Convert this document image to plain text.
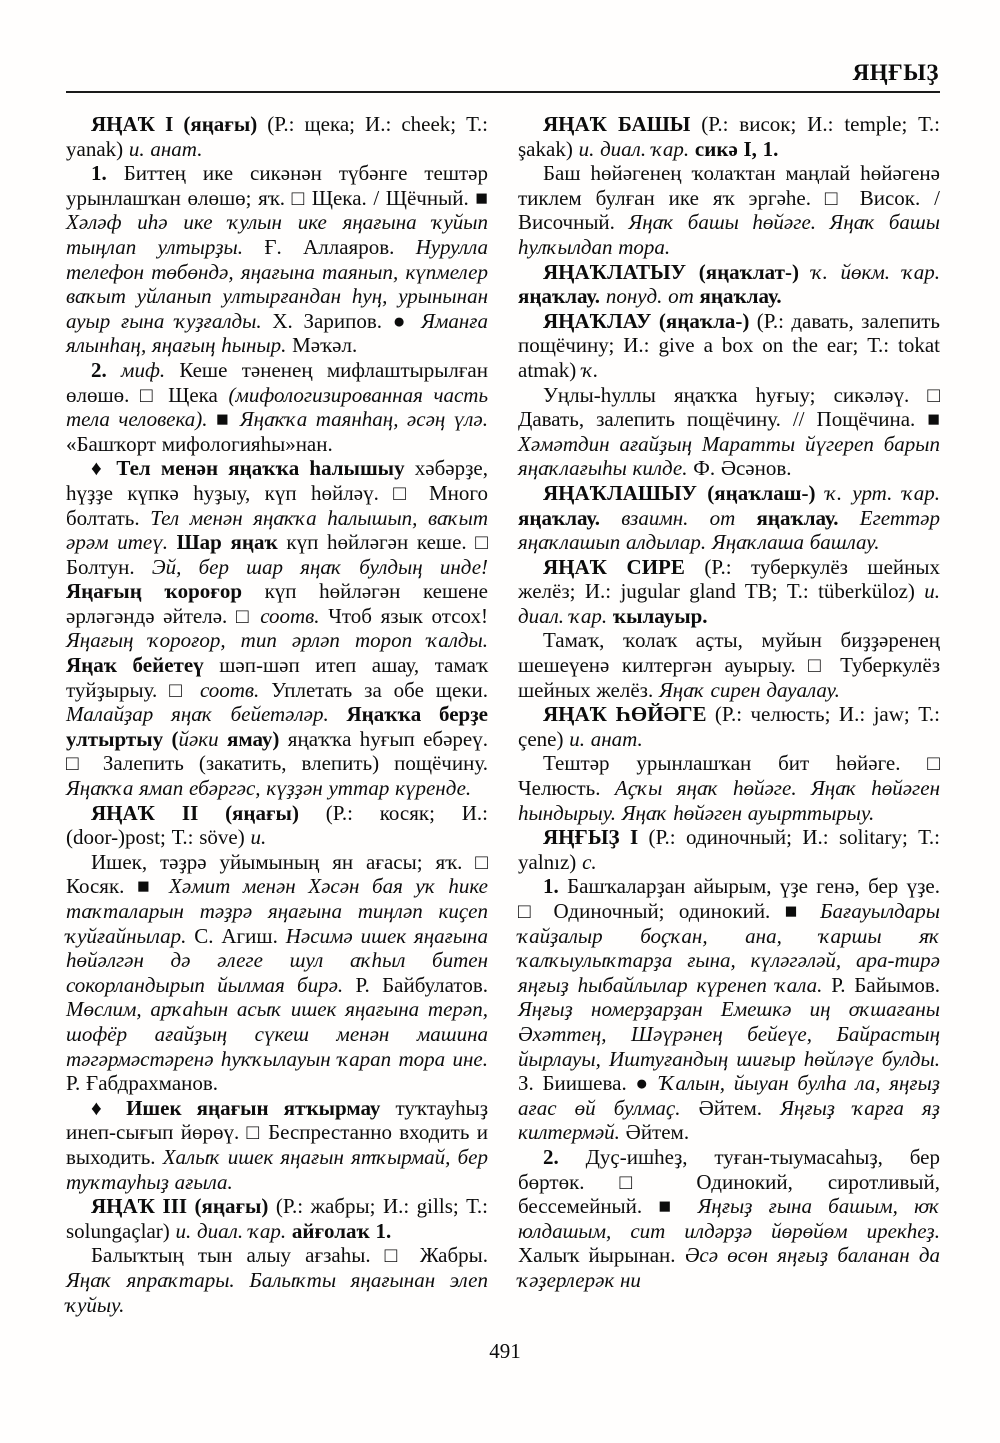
ЯҢҒЫҘ

ЯҢАҠ I (яңағы) (Р.: щека; И.: cheek; Т.: yanak) и. анат.

1. Биттең ике сикәнән түбәнге тештәр урынлашҡан өлөшө; яҡ. □ Щека. / Щёчный. ■ Хәләф иһә ике ҡулын ике яңағына ҡуйып тыңлап ултырҙы. Ғ. Аллаяров. Нурулла телефон төбөндә, яңағына таянып, күпмелер ваҡыт уйланып ултырғандан һуң, урынынан ауыр ғына ҡуҙғалды. Х. Зарипов. ● Яманға ялынһаң, яңағың һыныр. Мәҡәл.

2. миф. Кеше тәненең мифлаштырылған өлөшө. □ Щека (мифологизированная часть тела человека). ■ Яңаҡҡа таянһаң, әсәң үлә. «Башҡорт мифологияһы»нан.

♦ Тел менән яңаҡҡа һалышыу хәбәрҙе, һүҙҙе күпкә һуҙыу, күп һөйләү. □ Много болтать. Тел менән яңаҡҡа һалышып, ваҡыт әрәм итеү. Шар яңаҡ күп һөйләгән кеше. □ Болтун. Эй, бер шар яңаҡ булдың инде! Яңағың ҡороғор күп һөйләгән кешене әрләгәндә әйтелә. □ соотв. Чтоб язык отсох! Яңағың ҡороғор, тип әрләп тороп ҡалды. Яңаҡ бейетеү шәп-шәп итеп ашау, тамаҡ туйҙырыу. □ соотв. Уплетать за обе щеки. Малайҙар яңаҡ бейетәләр. Яңаҡҡа берҙе ултыртыу (йәки ямау) яңаҡҡа һуғып ебәреү. □ Залепить (закатить, влепить) пощёчину. Яңаҡҡа ямап ебәргәс, күҙҙән уттар күренде.

ЯҢАҠ II (яңағы) (Р.: косяк; И.: (door-)post; Т.: söve) и.

Ишек, тәҙрә уйымының ян ағасы; яҡ. □ Косяк. ■ Хәмит менән Хәсән бая уҡ һике таҡталарын тәҙрә яңағына тиңләп киҫеп ҡуйғайнылар. С. Агиш. Нәсимә ишек яңағына һөйәлгән дә әлеге шул аҡһыл битен сокорландырып йылмая бирә. Р. Байбулатов. Мөслим, арҡаһын асыҡ ишек яңағына терәп, шофёр ағайҙың сүкеш менән машина тәгәрмәстәренә һуҡҡылауын ҡарап тора ине. Р. Ғабдрахманов.

♦ Ишек яңағын ятҡырмау туҡтауһыҙ инеп-сығып йөрөү. □ Беспрестанно входить и выходить. Халыҡ ишек яңағын ятҡырмай, бер туҡтауһыҙ ағыла.

ЯҢАҠ III (яңағы) (Р.: жабры; И.: gills; Т.: solungaçlar) и. диал. ҡар. айғолаҡ 1.

Балыҡтың тын алыу ағзаһы. □ Жабры. Яңаҡ япраҡтары. Балыҡты яңағынан элеп ҡуйыу.

ЯҢАҠ БАШЫ (Р.: висок; И.: temple; Т.: şakak) и. диал. ҡар. сикә I, 1.

Баш һөйәгенең ҡолаҡтан маңлай һөйәгенә тиклем булған ике яҡ эргәһе. □ Висок. / Височный. Яңаҡ башы һөйәге. Яңаҡ башы һулҡылдап тора.

ЯҢАҠЛАТЫУ (яңаҡлат-) ҡ. йөкм. ҡар. яңаҡлау. понуд. от яңаҡлау.

ЯҢАҠЛАУ (яңаҡла-) (Р.: давать, залепить пощёчину; И.: give a box on the ear; Т.: tokat atmak) ҡ.

Уңлы-һуллы яңаҡҡа һуғыу; сикәләү. □ Давать, залепить пощёчину. // Пощёчина. ■ Хәмәтдин ағайҙың Маратты йүгереп барып яңаҡлағыһы килде. Ф. Әсәнов.

ЯҢАҠЛАШЫУ (яңаҡлаш-) ҡ. урт. ҡар. яңаҡлау. взаимн. от яңаҡлау. Егеттәр яңаҡлашып алдылар. Яңаҡлаша башлау.

ЯҢАҠ СИРЕ (Р.: туберкулёз шейных желёз; И.: jugular gland TB; Т.: tüberküloz) и. диал. ҡар. ҡылауыр.

Тамаҡ, ҡолаҡ аҫты, муйын биҙҙәренең шешеүенә килтергән ауырыу. □ Туберкулёз шейных желёз. Яңаҡ сирен дауалау.

ЯҢАҠ ҺӨЙӘГЕ (Р.: челюсть; И.: jaw; Т.: çene) и. анат.

Тештәр урынлашҡан бит һөйәге. □ Челюсть. Аҫҡы яңаҡ һөйәге. Яңаҡ һөйәген һындырыу. Яңаҡ һөйәген ауырттырыу.

ЯҢҒЫҘ I (Р.: одиночный; И.: solitary; Т.: yalnız) с.

1. Башҡаларҙан айырым, үҙе генә, бер үҙе. □ Одиночный; одинокий. ■ Бағауылдары ҡайҙалыр боҫҡан, ана, ҡаршы яҡ ҡалҡыулыҡтарҙа ғына, күләгәләй, ара-тирә яңғыҙ һыбайлылар күренеп ҡала. Р. Байымов. Яңғыҙ номерҙарҙан Емешкә иң оҡшағаны Әхәттең, Шәүрәнең бейеүе, Байрастың йырлауы, Иштуғандың шиғыр һөйләүе булды. З. Биишева. ● Ҡалын, йыуан булһа ла, яңғыҙ ағас өй булмаҫ. Әйтем. Яңғыҙ ҡарға яҙ килтермәй. Әйтем.

2. Дуҫ-ишһеҙ, туған-тыумасаһыҙ, бер бөртөк. □ Одинокий, сиротливый, бессемейный. ■ Яңғыҙ ғына башым, юҡ юлдашым, сит илдәрҙә йөрөйөм ирекһеҙ. Халыҡ йырынан. Әсә өсөн яңғыҙ баланан да ҡәҙерлерәк ни

491
